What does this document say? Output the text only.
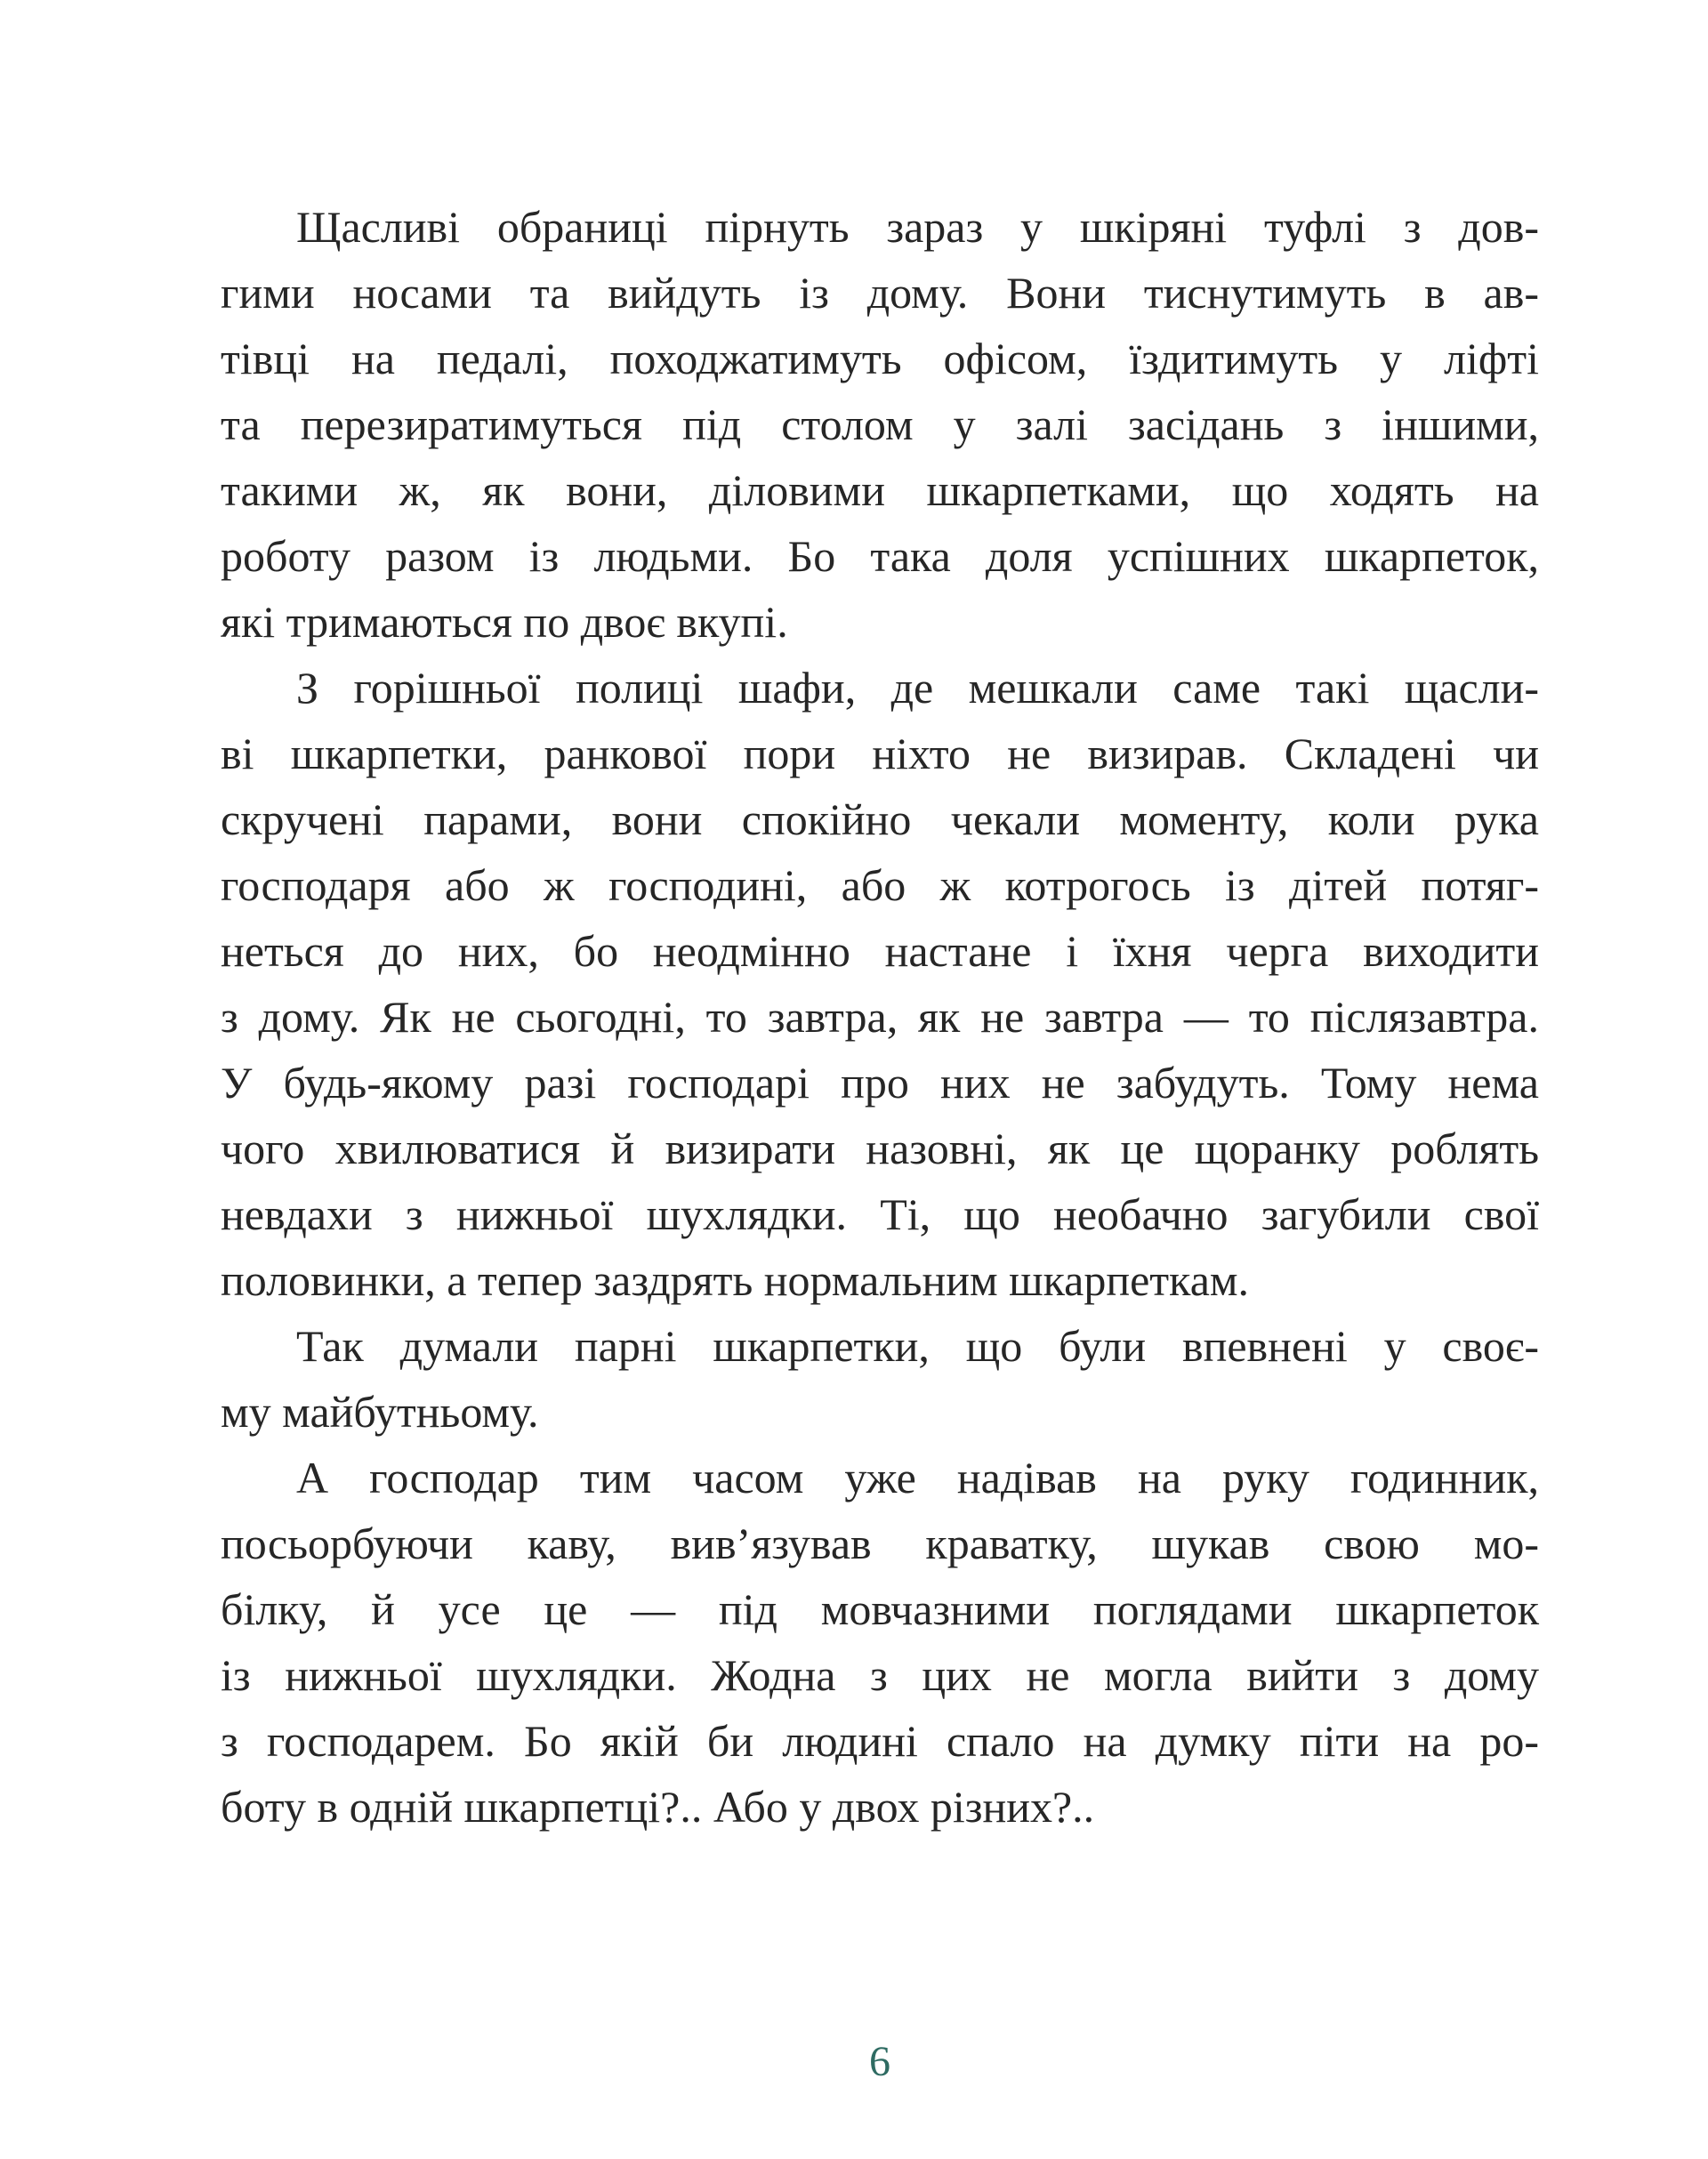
Щасливі обраниці пірнуть зараз у шкіряні туфлі з дов-
гими носами та вийдуть із дому. Вони тиснутимуть в ав-
тівці на педалі, походжатимуть офісом, їздитимуть у ліфті
та перезиратимуться під столом у залі засідань з іншими,
такими ж, як вони, діловими шкарпетками, що ходять на
роботу разом із людьми. Бо така доля успішних шкарпеток,
які тримаються по двоє вкупі.
З горішньої полиці шафи, де мешкали саме такі щасли-
ві шкарпетки, ранкової пори ніхто не визирав. Складені чи
скручені парами, вони спокійно чекали моменту, коли рука
господаря або ж господині, або ж котрогось із дітей потяг-
неться до них, бо неодмінно настане і їхня черга виходити
з дому. Як не сьогодні, то завтра, як не завтра — то післязавтра.
У будь-якому разі господарі про них не забудуть. Тому нема
чого хвилюватися й визирати назовні, як це щоранку роблять
невдахи з нижньої шухлядки. Ті, що необачно загубили свої
половинки, а тепер заздрять нормальним шкарпеткам.
Так думали парні шкарпетки, що були впевнені у своє-
му майбутньому.
А господар тим часом уже надівав на руку годинник,
посьорбуючи каву, вив’язував краватку, шукав свою мо-
білку, й усе це — під мовчазними поглядами шкарпеток
із нижньої шухлядки. Жодна з цих не могла вийти з дому
з господарем. Бо якій би людині спало на думку піти на ро-
боту в одній шкарпетці?.. Або у двох різних?..
6
